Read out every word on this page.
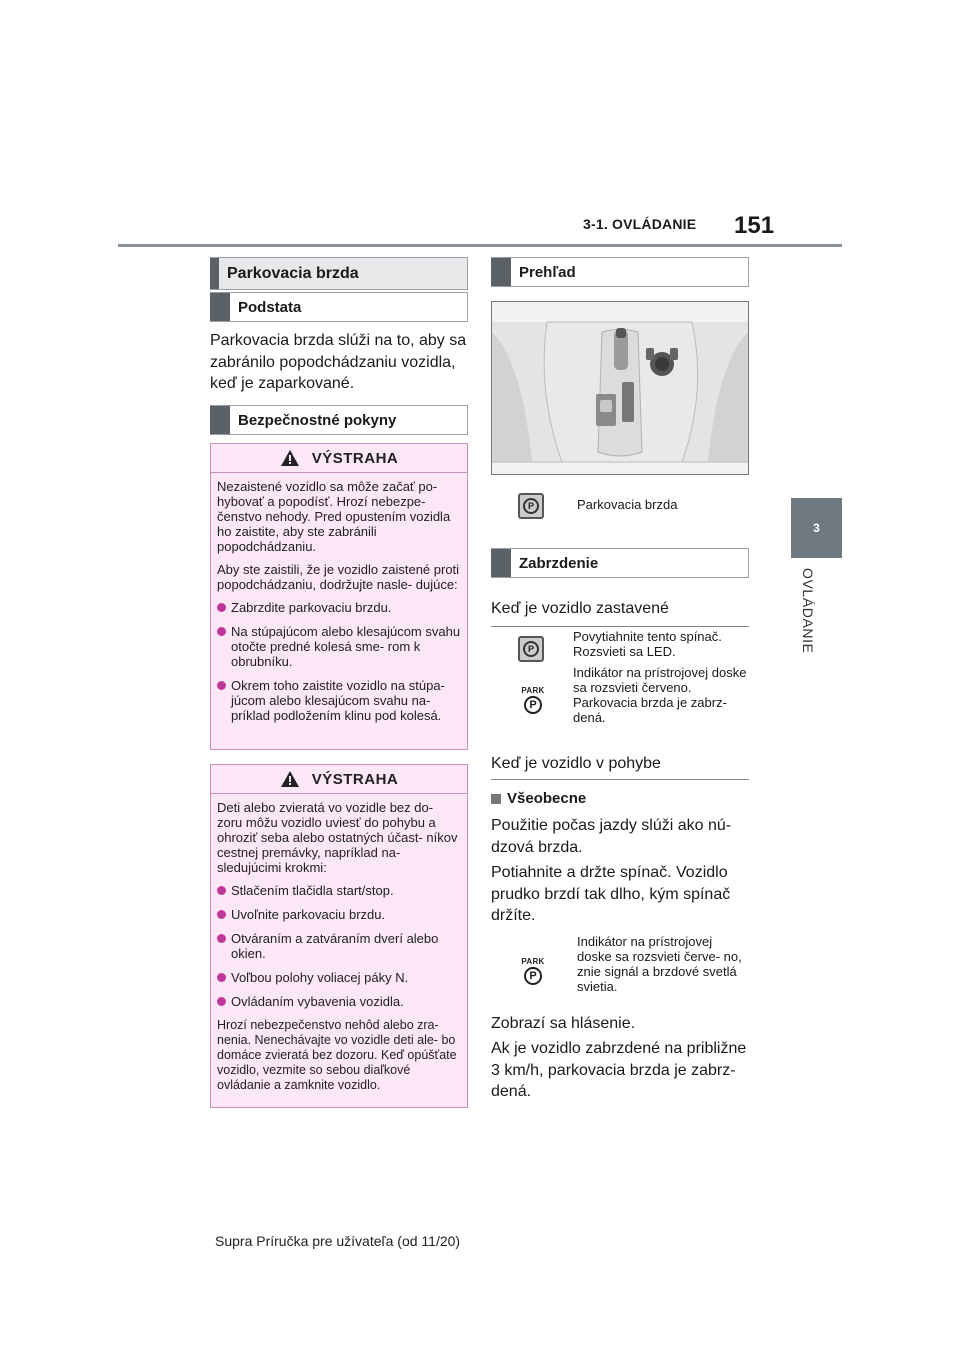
3-1. OVLÁDANIE 151
3
OVLÁDANIE
Parkovacia brzda
Podstata
Parkovacia brzda slúži na to, aby sa zabránilo popodchádzaniu vozidla, keď je zaparkované.
Bezpečnostné pokyny
VÝSTRAHA

Nezaistené vozidlo sa môže začať po- hybovať a popodísť. Hrozí nebezpe- čenstvo nehody. Pred opustením vozidla ho zaistite, aby ste zabránili popodchádzaniu.

Aby ste zaistili, že je vozidlo zaistené proti popodchádzaniu, dodržujte nasle- dujúce:

Zabrzdite parkovaciu brzdu.
Na stúpajúcom alebo klesajúcom svahu otočte predné kolesá sme- rom k obrubníku.
Okrem toho zaistite vozidlo na stúpa- júcom alebo klesajúcom svahu na- príklad podložením klinu pod kolesá.
VÝSTRAHA

Deti alebo zvieratá vo vozidle bez do- zoru môžu vozidlo uviesť do pohybu a ohroziť seba alebo ostatných účast- níkov cestnej premávky, napríklad na- sledujúcimi krokmi:

Stlačením tlačidla start/stop.
Uvoľnite parkovaciu brzdu.
Otváraním a zatváraním dverí alebo okien.
Voľbou polohy voliacej páky N.
Ovládaním vybavenia vozidla.

Hrozí nebezpečenstvo nehôd alebo zra- nenia. Nenechávajte vo vozidle deti ale- bo domáce zvieratá bez dozoru. Keď opúšťate vozidlo, vezmite so sebou diaľkové ovládanie a zamknite vozidlo.

Prehľad
P	Parkovacia brzda
Zabrzdenie
Keď je vozidlo zastavené
P
Povytiahnite tento spínač. Rozsvieti sa LED.
PARK
P
Indikátor na prístrojovej doske sa rozsvieti červeno. Parkovacia brzda je zabrz- dená.
Keď je vozidlo v pohybe
Všeobecne
Použitie počas jazdy slúži ako nú- dzová brzda.
Potiahnite a držte spínač. Vozidlo prudko brzdí tak dlho, kým spínač držíte.
PARK
P
Indikátor na prístrojovej doske sa rozsvieti červe- no, znie signál a brzdové svetlá svietia.
Zobrazí sa hlásenie.
Ak je vozidlo zabrzdené na približne 3 km/h, parkovacia brzda je zabrz- dená.
Supra Príručka pre užívateľa (od 11/20)
